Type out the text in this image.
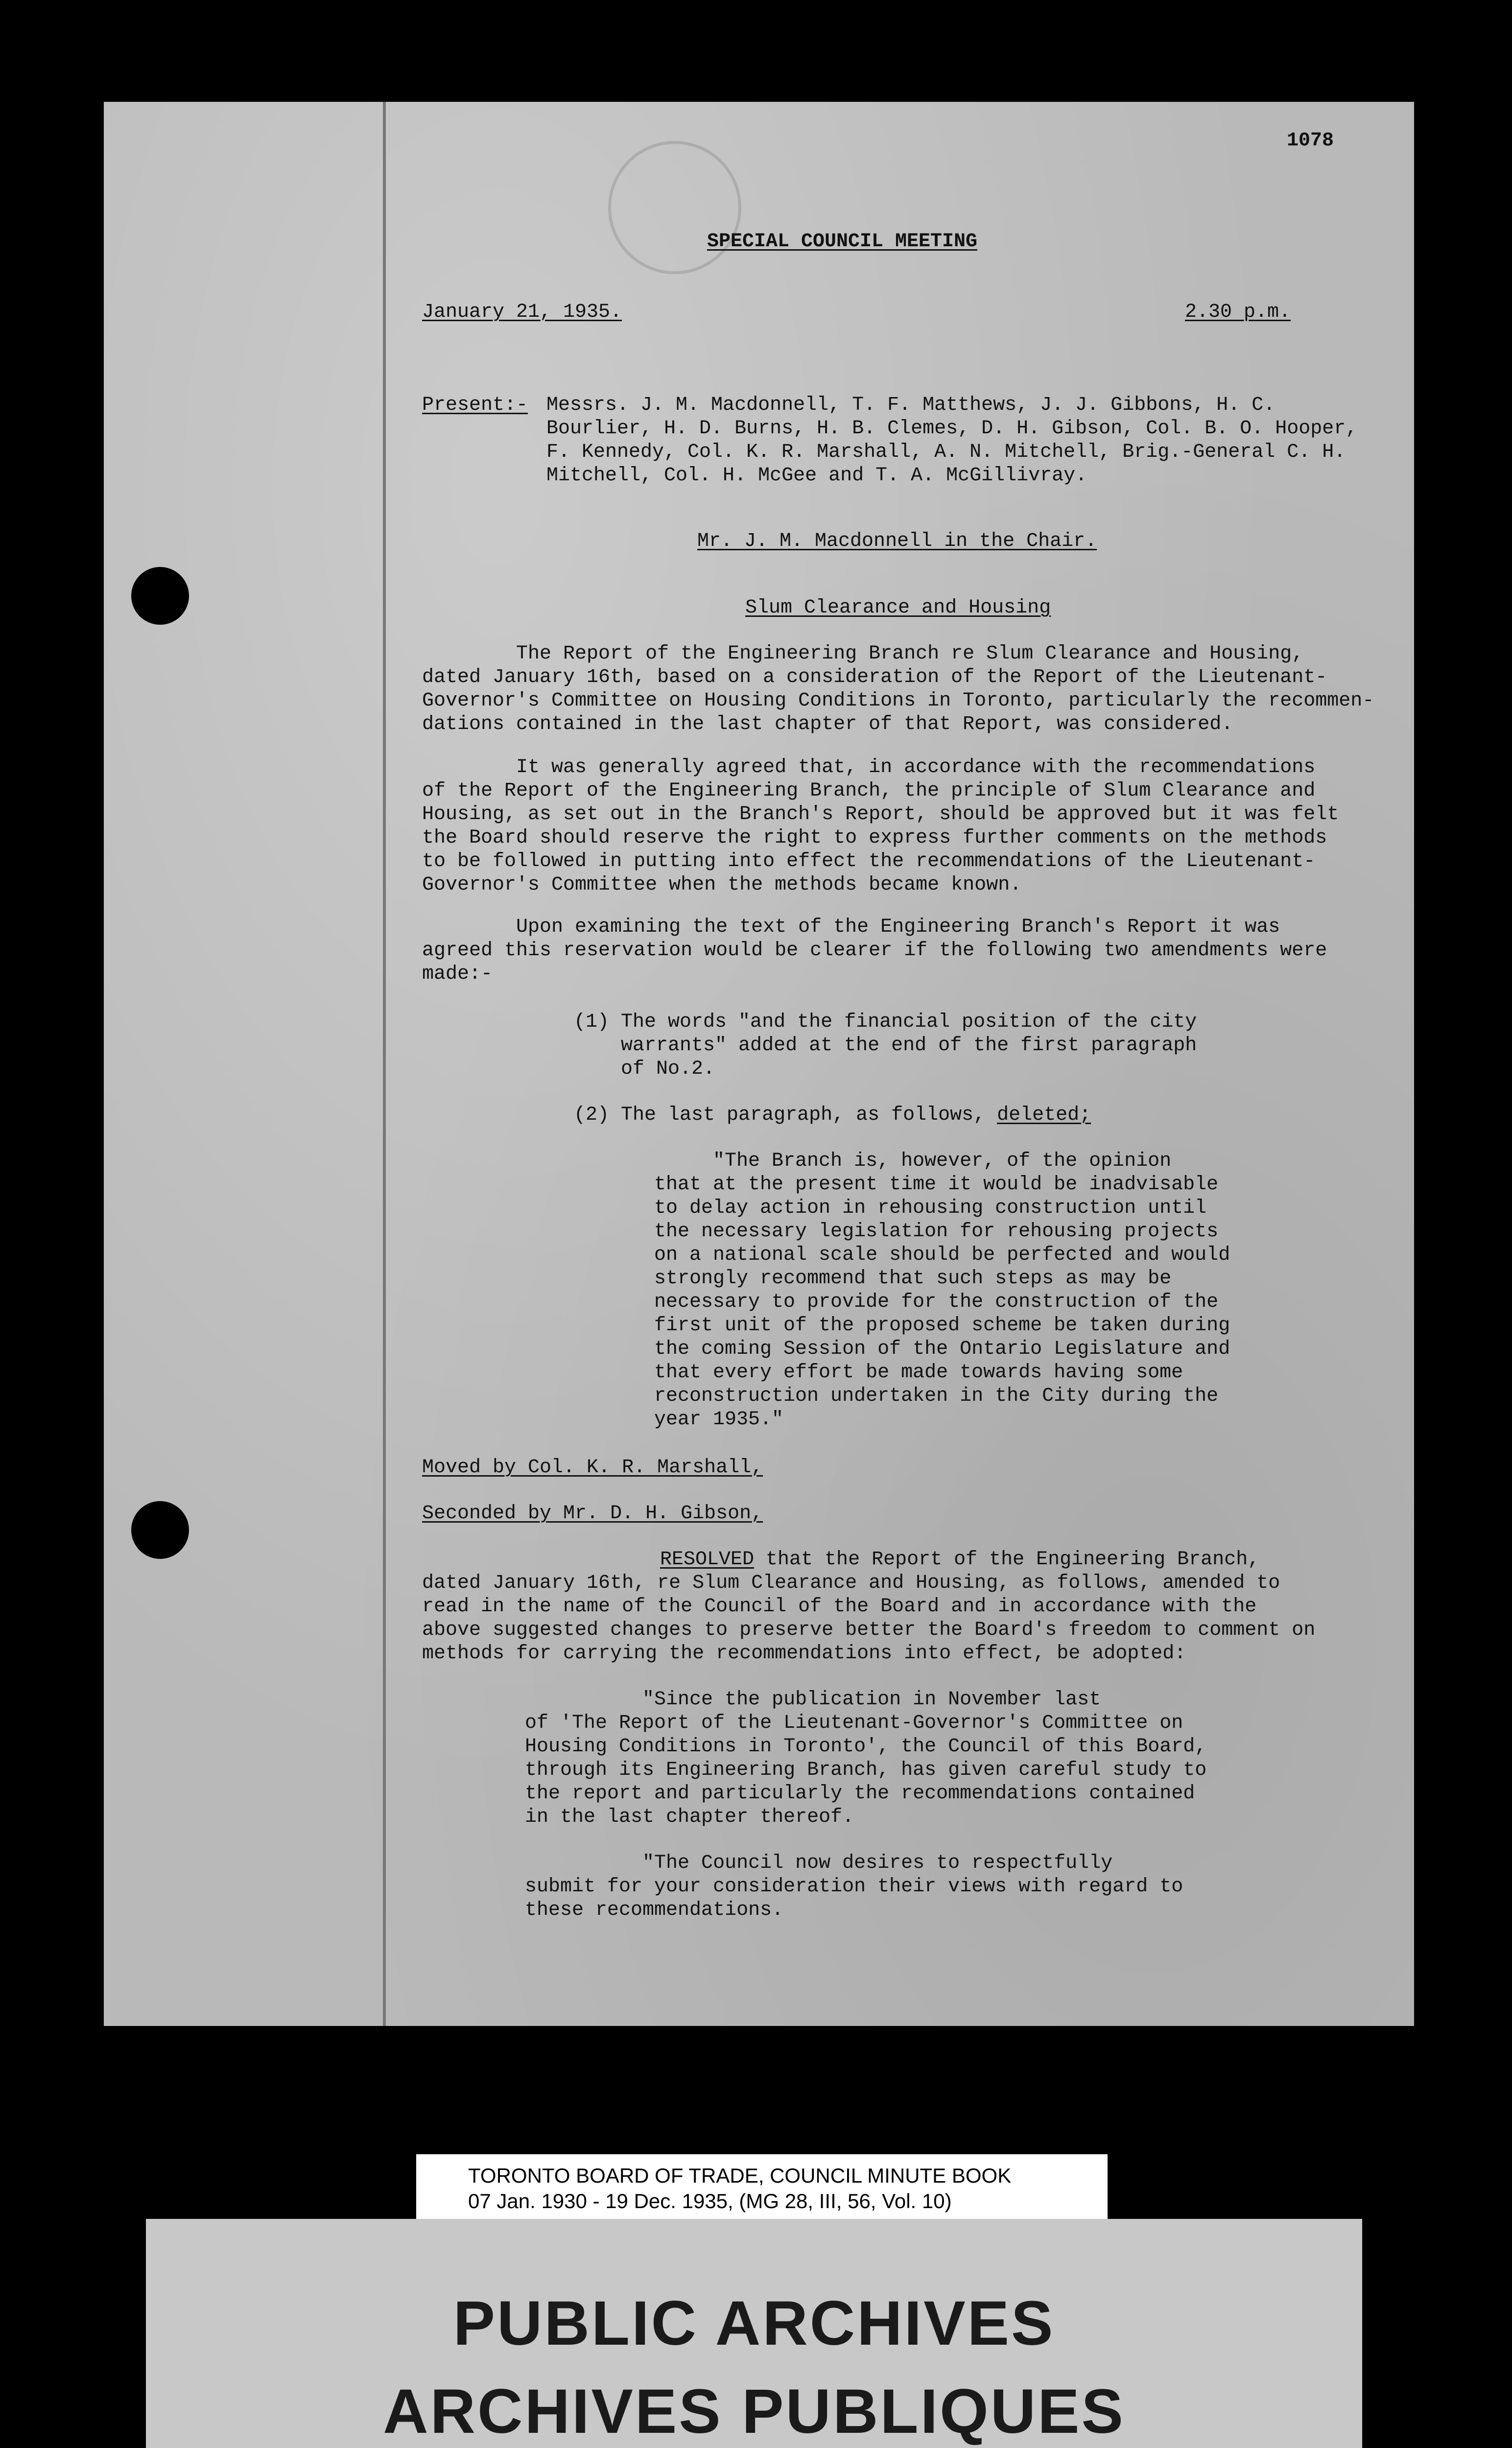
1078
SPECIAL COUNCIL MEETING
January 21, 1935.	2.30 p.m.
Present:- Messrs. J. M. Macdonnell, T. F. Matthews, J. J. Gibbons, H. C.
Bourlier, H. D. Burns, H. B. Clemes, D. H. Gibson, Col. B. O. Hooper,
F. Kennedy, Col. K. R. Marshall, A. N. Mitchell, Brig.-General C. H.
Mitchell, Col. H. McGee and T. A. McGillivray.
Mr. J. M. Macdonnell in the Chair.
Slum Clearance and Housing
The Report of the Engineering Branch re Slum Clearance and Housing,
dated January 16th, based on a consideration of the Report of the Lieutenant-
Governor's Committee on Housing Conditions in Toronto, particularly the recommen-
dations contained in the last chapter of that Report, was considered.
It was generally agreed that, in accordance with the recommendations
of the Report of the Engineering Branch, the principle of Slum Clearance and
Housing, as set out in the Branch's Report, should be approved but it was felt
the Board should reserve the right to express further comments on the methods
to be followed in putting into effect the recommendations of the Lieutenant-
Governor's Committee when the methods became known.
Upon examining the text of the Engineering Branch's Report it was
agreed this reservation would be clearer if the following two amendments were
made:-
(1) The words "and the financial position of the city
warrants" added at the end of the first paragraph
of No.2.
(2) The last paragraph, as follows, deleted;
"The Branch is, however, of the opinion
that at the present time it would be inadvisable
to delay action in rehousing construction until
the necessary legislation for rehousing projects
on a national scale should be perfected and would
strongly recommend that such steps as may be
necessary to provide for the construction of the
first unit of the proposed scheme be taken during
the coming Session of the Ontario Legislature and
that every effort be made towards having some
reconstruction undertaken in the City during the
year 1935."
Moved by Col. K. R. Marshall,
Seconded by Mr. D. H. Gibson,
RESOLVED that the Report of the Engineering Branch,
dated January 16th, re Slum Clearance and Housing, as follows, amended to
read in the name of the Council of the Board and in accordance with the
above suggested changes to preserve better the Board's freedom to comment on
methods for carrying the recommendations into effect, be adopted:
"Since the publication in November last
of 'The Report of the Lieutenant-Governor's Committee on
Housing Conditions in Toronto', the Council of this Board,
through its Engineering Branch, has given careful study to
the report and particularly the recommendations contained
in the last chapter thereof.
"The Council now desires to respectfully
submit for your consideration their views with regard to
these recommendations.
TORONTO BOARD OF TRADE, COUNCIL MINUTE BOOK
07 Jan. 1930 - 19 Dec. 1935, (MG 28, III, 56, Vol. 10)
PUBLIC ARCHIVES
ARCHIVES PUBLIQUES
